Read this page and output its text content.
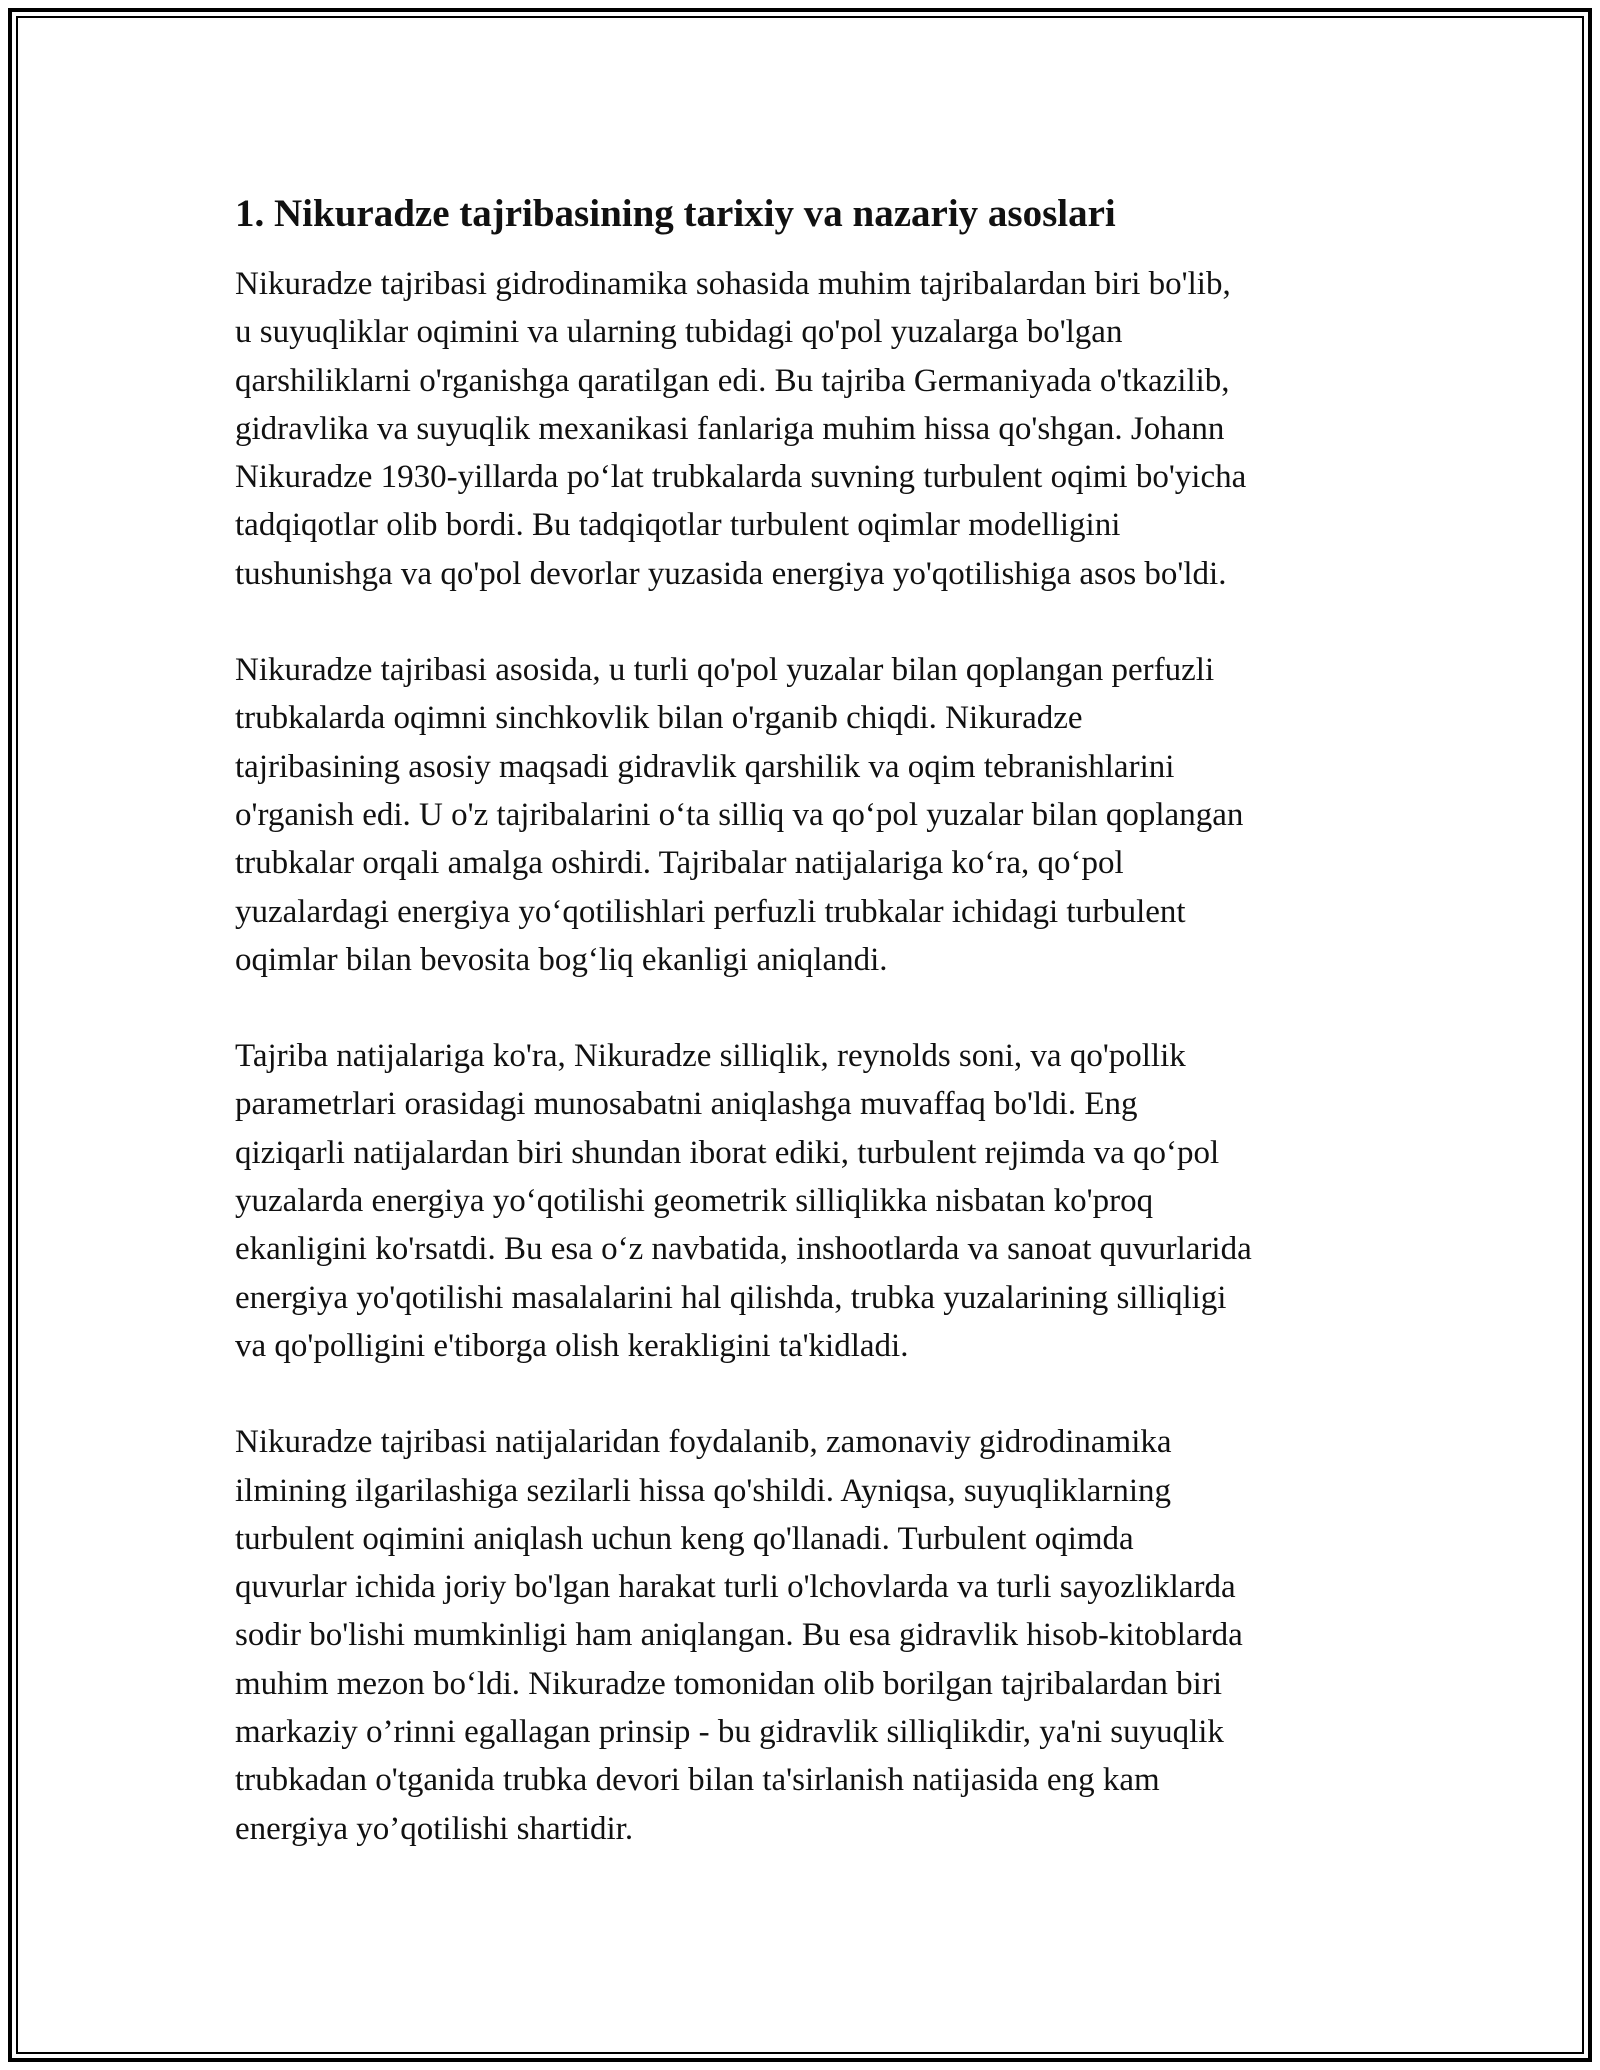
1. Nikuradze tajribasining tarixiy va nazariy asoslari

Nikuradze tajribasi gidrodinamika sohasida muhim tajribalardan biri bo'lib,
u suyuqliklar oqimini va ularning tubidagi qo'pol yuzalarga bo'lgan
qarshiliklarni o'rganishga qaratilgan edi. Bu tajriba Germaniyada o'tkazilib,
gidravlika va suyuqlik mexanikasi fanlariga muhim hissa qo'shgan. Johann
Nikuradze 1930-yillarda po‘lat trubkalarda suvning turbulent oqimi bo'yicha
tadqiqotlar olib bordi. Bu tadqiqotlar turbulent oqimlar modelligini
tushunishga va qo'pol devorlar yuzasida energiya yo'qotilishiga asos bo'ldi.

Nikuradze tajribasi asosida, u turli qo'pol yuzalar bilan qoplangan perfuzli
trubkalarda oqimni sinchkovlik bilan o'rganib chiqdi. Nikuradze
tajribasining asosiy maqsadi gidravlik qarshilik va oqim tebranishlarini
o'rganish edi. U o'z tajribalarini o‘ta silliq va qo‘pol yuzalar bilan qoplangan
trubkalar orqali amalga oshirdi. Tajribalar natijalariga ko‘ra, qo‘pol
yuzalardagi energiya yo‘qotilishlari perfuzli trubkalar ichidagi turbulent
oqimlar bilan bevosita bog‘liq ekanligi aniqlandi.

Tajriba natijalariga ko'ra, Nikuradze silliqlik, reynolds soni, va qo'pollik
parametrlari orasidagi munosabatni aniqlashga muvaffaq bo'ldi. Eng
qiziqarli natijalardan biri shundan iborat ediki, turbulent rejimda va qo‘pol
yuzalarda energiya yo‘qotilishi geometrik silliqlikka nisbatan ko'proq
ekanligini ko'rsatdi. Bu esa o‘z navbatida, inshootlarda va sanoat quvurlarida
energiya yo'qotilishi masalalarini hal qilishda, trubka yuzalarining silliqligi
va qo'polligini e'tiborga olish kerakligini ta'kidladi.

Nikuradze tajribasi natijalaridan foydalanib, zamonaviy gidrodinamika
ilmining ilgarilashiga sezilarli hissa qo'shildi. Ayniqsa, suyuqliklarning
turbulent oqimini aniqlash uchun keng qo'llanadi. Turbulent oqimda
quvurlar ichida joriy bo'lgan harakat turli o'lchovlarda va turli sayozliklarda
sodir bo'lishi mumkinligi ham aniqlangan. Bu esa gidravlik hisob-kitoblarda
muhim mezon bo‘ldi. Nikuradze tomonidan olib borilgan tajribalardan biri
markaziy o’rinni egallagan prinsip - bu gidravlik silliqlikdir, ya'ni suyuqlik
trubkadan o'tganida trubka devori bilan ta'sirlanish natijasida eng kam
energiya yo’qotilishi shartidir.
